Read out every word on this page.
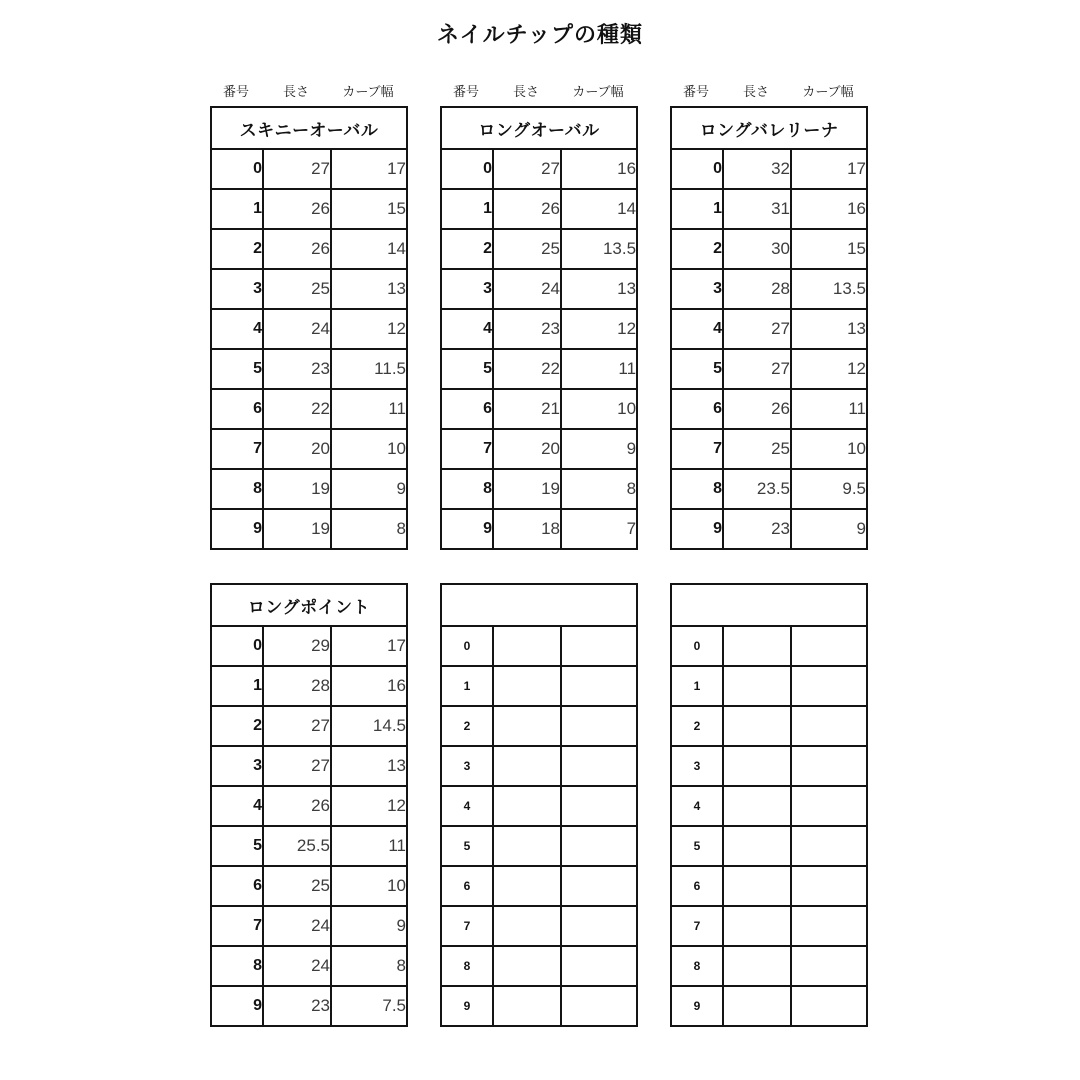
ネイルチップの種類
番号	長さ	カーブ幅
スキニーオーバル		
0	27	17
1	26	15
2	26	14
3	25	13
4	24	12
5	23	11.5
6	22	11
7	20	10
8	19	9
9	19	8
番号	長さ	カーブ幅
ロングオーバル		
0	27	16
1	26	14
2	25	13.5
3	24	13
4	23	12
5	22	11
6	21	10
7	20	9
8	19	8
9	18	7
番号	長さ	カーブ幅
ロングバレリーナ		
0	32	17
1	31	16
2	30	15
3	28	13.5
4	27	13
5	27	12
6	26	11
7	25	10
8	23.5	9.5
9	23	9
ロングポイント		
0	29	17
1	28	16
2	27	14.5
3	27	13
4	26	12
5	25.5	11
6	25	10
7	24	9
8	24	8
9	23	7.5

0		
1		
2		
3		
4		
5		
6		
7		
8		
9		

0		
1		
2		
3		
4		
5		
6		
7		
8		
9		
